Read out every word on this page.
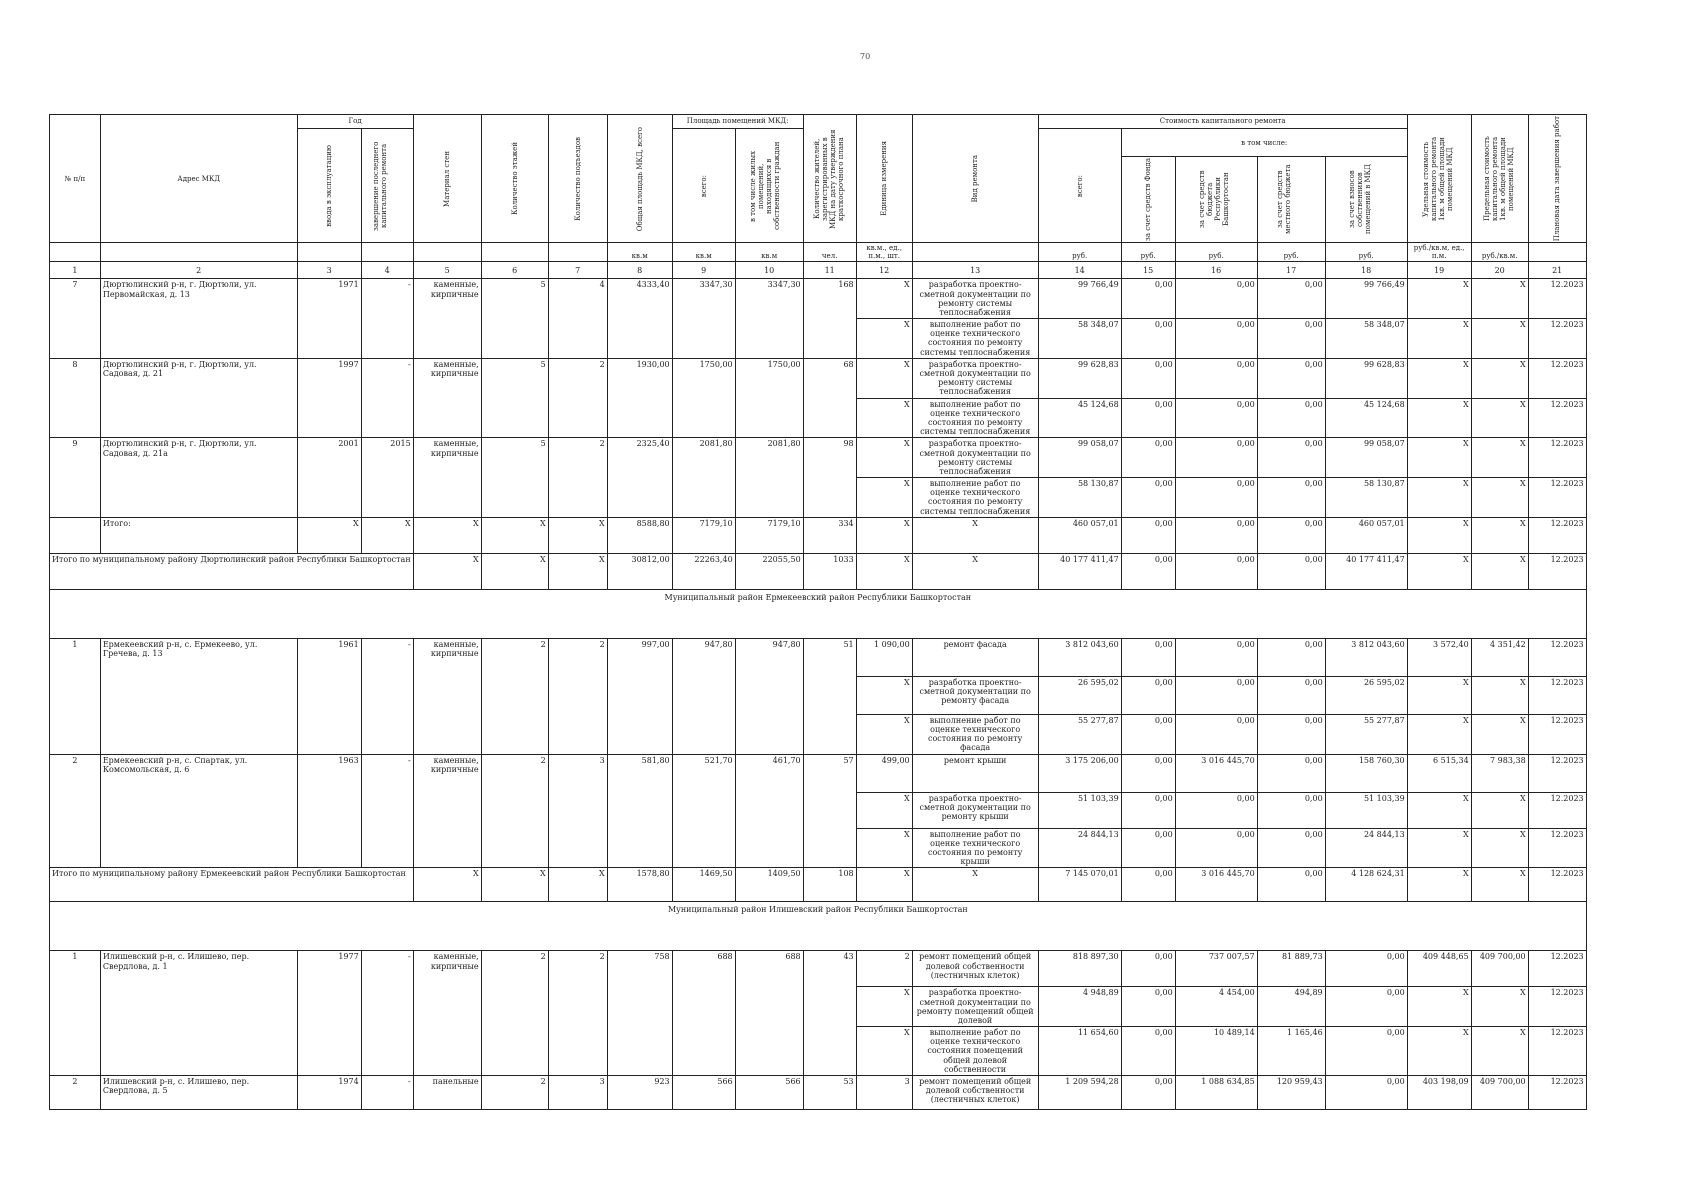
70
№ п/п	Адрес МКД	Год		Материал стен	Количество этажей	Количество подъездов	Общая площадь МКД, всего	Площадь помещений МКД:		Количество жителей, зарегистрированных в МКД на дату утверждения краткосрочного плана	Единица измерения	Вид ремонта	Стоимость капитального ремонта					Удельная стоимость капитального ремонта 1кв. м общей площади помещений МКД	Предельная стоимость капитального ремонта 1кв. м общей площади помещений МКД	Плановая дата завершения работ

		ввода в эксплуатацию	завершение последнего капитального ремонта					всего:	в том числе жилых помещений, находящихся в собственности граждан				всего:	в том числе:						

														за счет средств Фонда	за счет средств бюджета Республики Башкортостан	за счет средств местного бюджета	за счет взносов собственников помещений в МКД			

							кв.м	кв.м	кв.м	чел.	кв.м., ед., п.м., шт.		руб.	руб.	руб.	руб.	руб.	руб./кв.м, ед., п.м.	руб./кв.м.	
1	2	3	4	5	6	7	8	9	10	11	12	13	14	15	16	17	18	19	20	21
7	Дюртюлинский р-н, г. Дюртюли, ул. Первомайская, д. 13	1971	-	каменные, кирпичные	5	4	4333,40	3347,30	3347,30	168	X	разработка проектно-сметной документации по ремонту системы теплоснабжения	99 766,49	0,00	0,00	0,00	99 766,49	X	X	12.2023
											X	выполнение работ по оценке технического состояния по ремонту системы теплоснабжения	58 348,07	0,00	0,00	0,00	58 348,07	X	X	12.2023
8	Дюртюлинский р-н, г. Дюртюли, ул. Садовая, д. 21	1997	-	каменные, кирпичные	5	2	1930,00	1750,00	1750,00	68	X	разработка проектно-сметной документации по ремонту системы теплоснабжения	99 628,83	0,00	0,00	0,00	99 628,83	X	X	12.2023
											X	выполнение работ по оценке технического состояния по ремонту системы теплоснабжения	45 124,68	0,00	0,00	0,00	45 124,68	X	X	12.2023
9	Дюртюлинский р-н, г. Дюртюли, ул. Садовая, д. 21а	2001	2015	каменные, кирпичные	5	2	2325,40	2081,80	2081,80	98	X	разработка проектно-сметной документации по ремонту системы теплоснабжения	99 058,07	0,00	0,00	0,00	99 058,07	X	X	12.2023
											X	выполнение работ по оценке технического состояния по ремонту системы теплоснабжения	58 130,87	0,00	0,00	0,00	58 130,87	X	X	12.2023
	Итого:	X	X	X	X	X	8588,80	7179,10	7179,10	334	X	X	460 057,01	0,00	0,00	0,00	460 057,01	X	X	12.2023
Итого по муниципальному району Дюртюлинский район Республики Башкортостан				X	X	X	30812,00	22263,40	22055,50	1033	X	X	40 177 411,47	0,00	0,00	0,00	40 177 411,47	X	X	12.2023
Муниципальный район Ермекеевский район Республики Башкортостан																				
1	Ермекеевский р-н, с. Ермекеево, ул. Гречева, д. 13	1961	-	каменные, кирпичные	2	2	997,00	947,80	947,80	51	1 090,00	ремонт фасада	3 812 043,60	0,00	0,00	0,00	3 812 043,60	3 572,40	4 351,42	12.2023
											X	разработка проектно-сметной документации по ремонту фасада	26 595,02	0,00	0,00	0,00	26 595,02	X	X	12.2023
											X	выполнение работ по оценке технического состояния по ремонту фасада	55 277,87	0,00	0,00	0,00	55 277,87	X	X	12.2023
2	Ермекеевский р-н, с. Спартак, ул. Комсомольская, д. 6	1963	-	каменные, кирпичные	2	3	581,80	521,70	461,70	57	499,00	ремонт крыши	3 175 206,00	0,00	3 016 445,70	0,00	158 760,30	6 515,34	7 983,38	12.2023
											X	разработка проектно-сметной документации по ремонту крыши	51 103,39	0,00	0,00	0,00	51 103,39	X	X	12.2023
											X	выполнение работ по оценке технического состояния по ремонту крыши	24 844,13	0,00	0,00	0,00	24 844,13	X	X	12.2023
Итого по муниципальному району Ермекеевский район Республики Башкортостан				X	X	X	1578,80	1469,50	1409,50	108	X	X	7 145 070,01	0,00	3 016 445,70	0,00	4 128 624,31	X	X	12.2023
Муниципальный район Илишевский район Республики Башкортостан																				
1	Илишевский р-н, с. Илишево, пер. Свердлова, д. 1	1977	-	каменные, кирпичные	2	2	758	688	688	43	2	ремонт помещений общей долевой собственности (лестничных клеток)	818 897,30	0,00	737 007,57	81 889,73	0,00	409 448,65	409 700,00	12.2023
											X	разработка проектно-сметной документации по ремонту помещений общей долевой	4 948,89	0,00	4 454,00	494,89	0,00	X	X	12.2023
											X	выполнение работ по оценке технического состояния помещений общей долевой собственности	11 654,60	0,00	10 489,14	1 165,46	0,00	X	X	12.2023
2	Илишевский р-н, с. Илишево, пер. Свердлова, д. 5	1974	-	панельные	2	3	923	566	566	53	3	ремонт помещений общей долевой собственности (лестничных клеток)	1 209 594,28	0,00	1 088 634,85	120 959,43	0,00	403 198,09	409 700,00	12.2023
